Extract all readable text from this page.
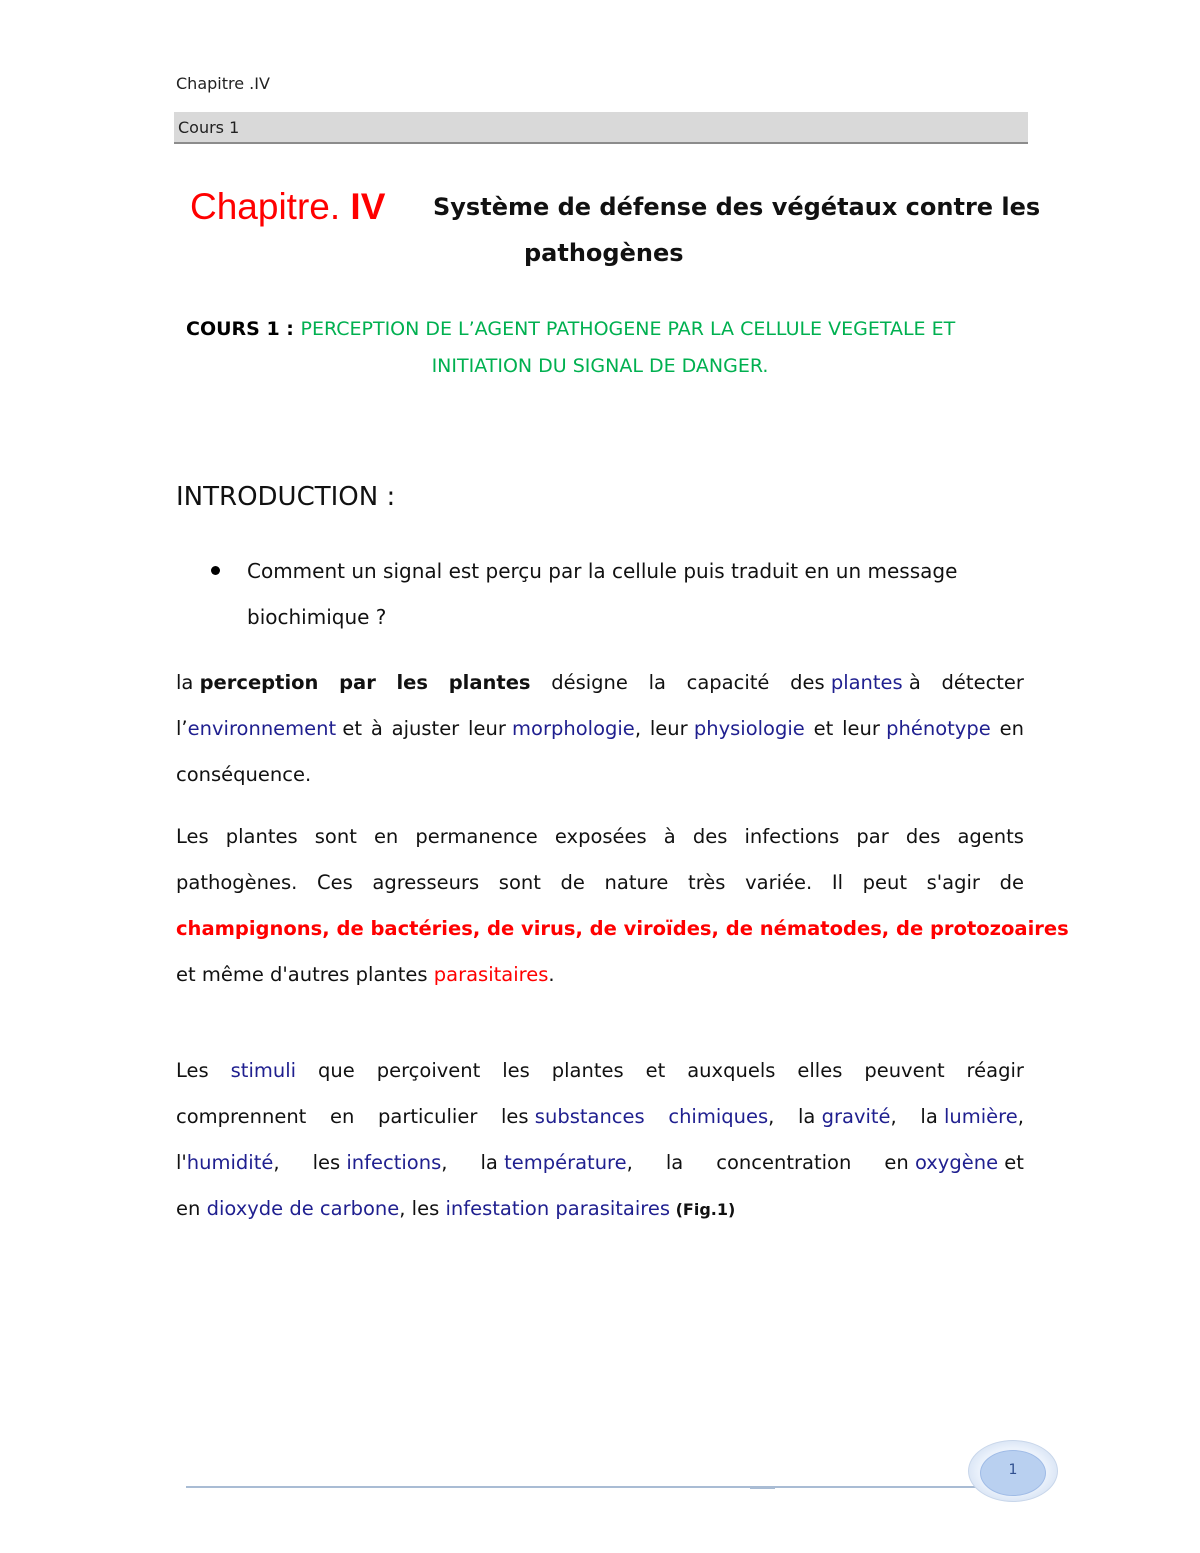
Chapitre .IV
Cours 1
Chapitre. IV Système de défense des végétaux contre les
pathogènes
COURS 1 : PERCEPTION DE L’AGENT PATHOGENE PAR LA CELLULE VEGETALE ET
INITIATION DU SIGNAL DE DANGER.
INTRODUCTION :
Comment un signal est perçu par la cellule puis traduit en un message
biochimique ?
la perception par les plantes désigne la capacité des plantes à détecter
l’environnement et à ajuster leur morphologie, leur physiologie et leur phénotype en
conséquence.
Les plantes sont en permanence exposées à des infections par des agents
pathogènes. Ces agresseurs sont de nature très variée. Il peut s'agir de
champignons, de bactéries, de virus, de viroïdes, de nématodes, de protozoaires
et même d'autres plantes parasitaires.
Les stimuli que perçoivent les plantes et auxquels elles peuvent réagir
comprennent en particulier les substances chimiques, la gravité, la lumière,
l'humidité, les infections, la température, la concentration en oxygène et
en dioxyde de carbone, les infestation parasitaires (Fig.1)
1
